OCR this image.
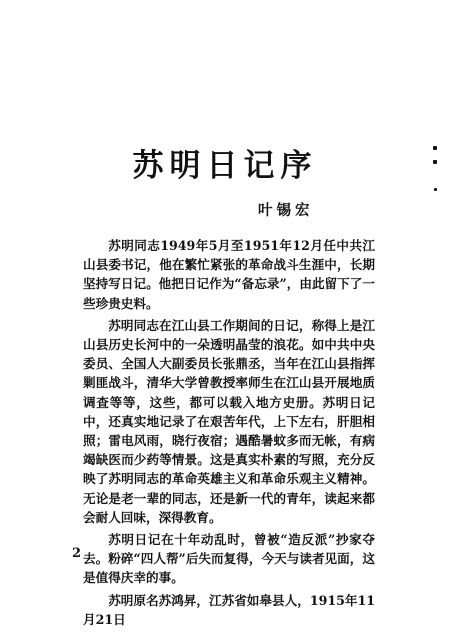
苏明日记序
叶锡宏

苏明同志1949年5月至1951年12月任中共江山县委书记，他在繁忙紧张的革命战斗生涯中，长期坚持写日记。他把日记作为“备忘录”，由此留下了一些珍贵史料。

苏明同志在江山县工作期间的日记，称得上是江山县历史长河中的一朵透明晶莹的浪花。如中共中央委员、全国人大副委员长张鼎丞，当年在江山县指挥剿匪战斗，清华大学曾教授率师生在江山县开展地质调查等等，这些，都可以载入地方史册。苏明日记中，还真实地记录了在艰苦年代，上下左右，肝胆相照；雷电风雨，晓行夜宿；遇酷暑蚊多而无帐，有病竭缺医而少药等情景。这是真实朴素的写照，充分反映了苏明同志的革命英雄主义和革命乐观主义精神。无论是老一辈的同志，还是新一代的青年，读起来都会耐人回味，深得教育。

苏明日记在十年动乱时，曾被“造反派”抄家夺去。粉碎“四人帮”后失而复得，今天与读者见面，这是值得庆幸的事。

苏明原名苏鸿昇，江苏省如皋县人，1915年11月21日

2
